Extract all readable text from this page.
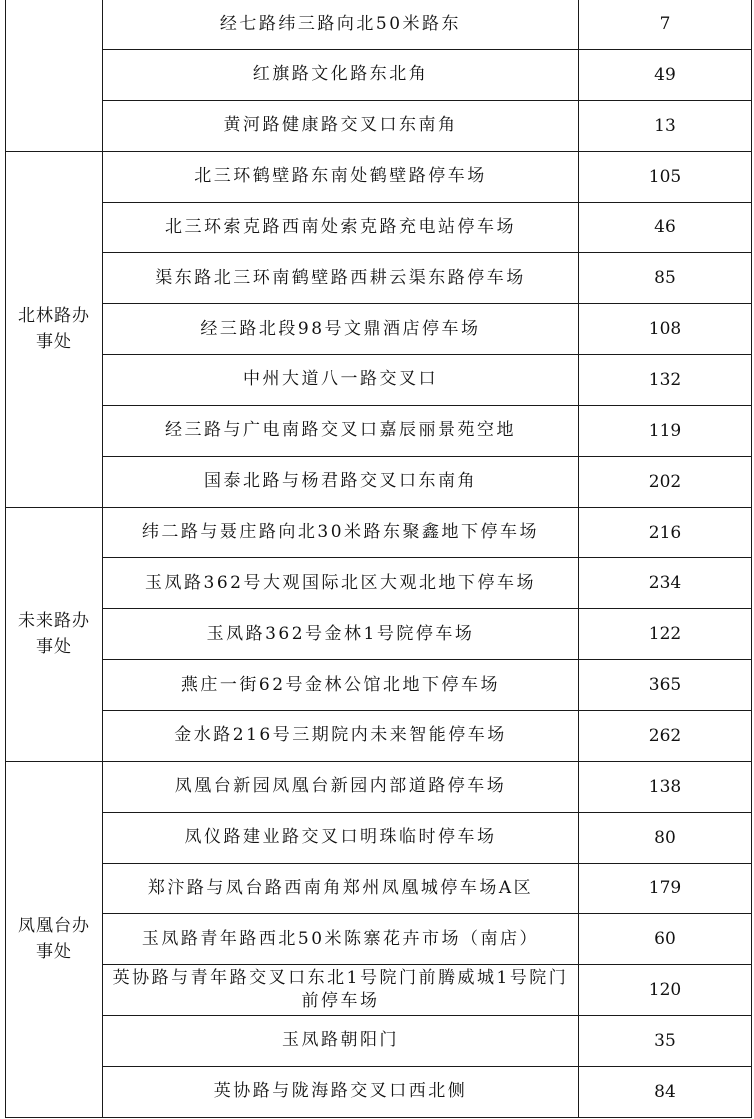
	经七路纬三路向北50米路东	7
	红旗路文化路东北角	49
	黄河路健康路交叉口东南角	13
北林路办事处	北三环鹤壁路东南处鹤壁路停车场	105
	北三环索克路西南处索克路充电站停车场	46
	渠东路北三环南鹤壁路西耕云渠东路停车场	85
	经三路北段98号文鼎酒店停车场	108
	中州大道八一路交叉口	132
	经三路与广电南路交叉口嘉辰丽景苑空地	119
	国泰北路与杨君路交叉口东南角	202
未来路办事处	纬二路与聂庄路向北30米路东聚鑫地下停车场	216
	玉凤路362号大观国际北区大观北地下停车场	234
	玉凤路362号金林1号院停车场	122
	燕庄一街62号金林公馆北地下停车场	365
	金水路216号三期院内未来智能停车场	262
凤凰台办事处	凤凰台新园凤凰台新园内部道路停车场	138
	凤仪路建业路交叉口明珠临时停车场	80
	郑汴路与凤台路西南角郑州凤凰城停车场A区	179
	玉凤路青年路西北50米陈寨花卉市场（南店）	60
	英协路与青年路交叉口东北1号院门前腾威城1号院门前停车场	120
	玉凤路朝阳门	35
	英协路与陇海路交叉口西北侧	84
